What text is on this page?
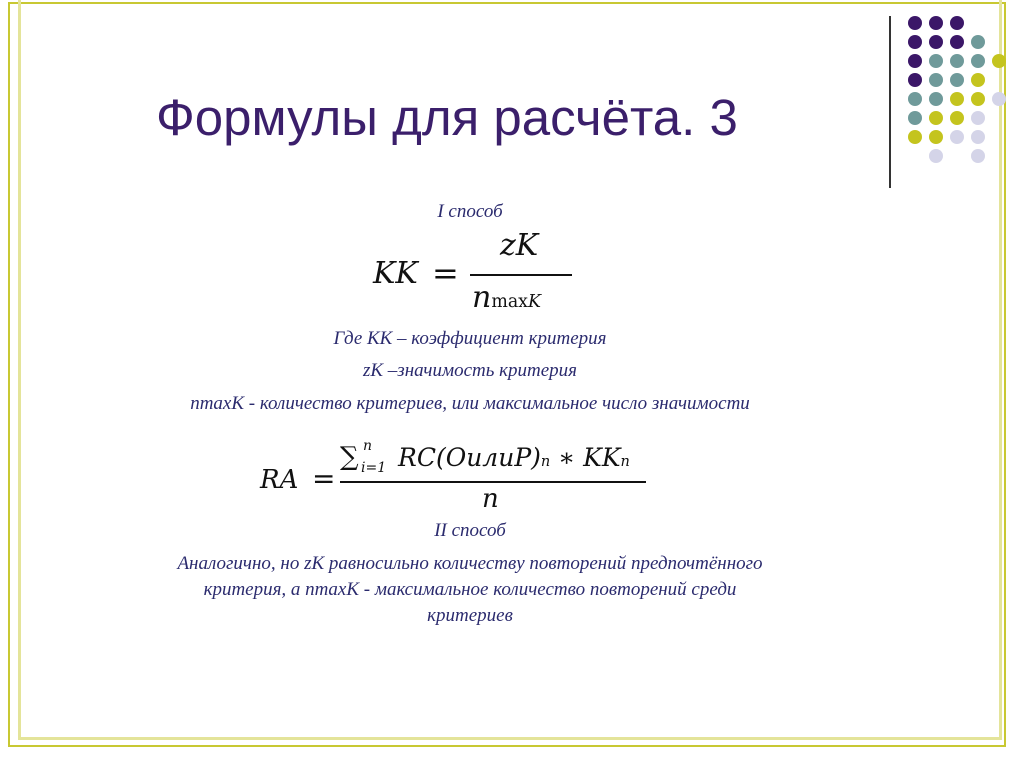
Формулы для расчёта. 3
I способ
KK =
zK
nmaxK
Где КК – коэффициент критерия
zK –значимость критерия
nmaxK - количество критериев, или максимальное число значимости
RA =
∑ n
i=1 RC(OилиP)n ∗ KKn
n
II способ
Аналогично, но zK равносильно количеству повторений предпочтённого
критерия, а nmaxK - максимальное количество повторений среди
критериев
